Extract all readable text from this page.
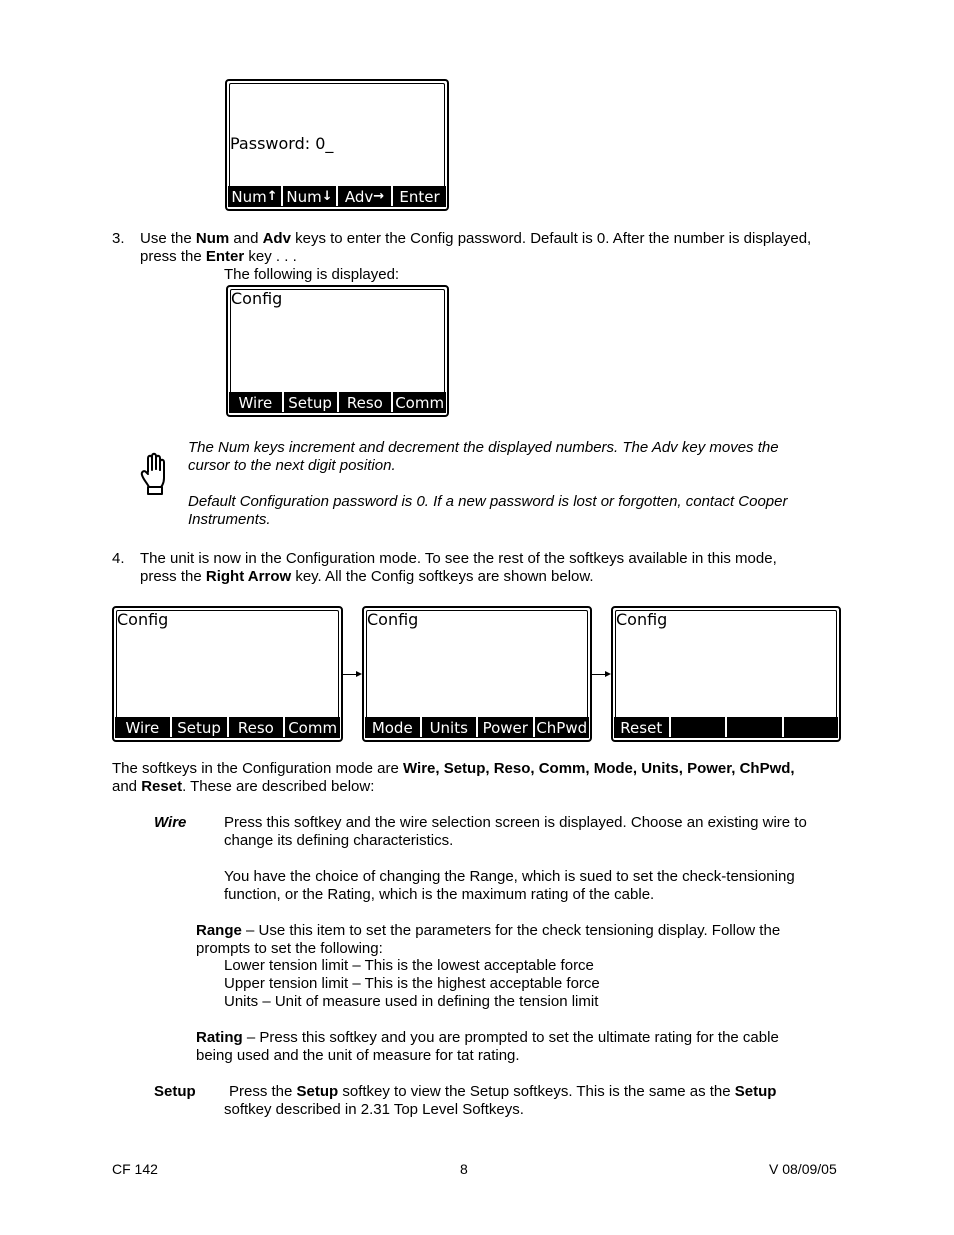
Password: 0_
Num ↑ Num ↓ Adv → Enter
3. Use the Num and Adv keys to enter the Config password. Default is 0. After the number is displayed,
press the Enter key . . .
The following is displayed:
Config
Wire	Setup Reso Comm
The Num keys increment and decrement the displayed numbers. The Adv key moves the
cursor to the next digit position.
Default Configuration password is 0. If a new password is lost or forgotten, contact Cooper
Instruments.
4. The unit is now in the Configuration mode. To see the rest of the softkeys available in this mode,
press the Right Arrow key. All the Config softkeys are shown below.
Config
Wire	Setup	Reso Comm
Config
Mode	Units Power ChPwd
Config
Reset
The softkeys in the Configuration mode are Wire, Setup, Reso, Comm, Mode, Units, Power, ChPwd,
and Reset. These are described below:
Wire	Press this softkey and the wire selection screen is displayed. Choose an existing wire to
change its defining characteristics.
You have the choice of changing the Range, which is sued to set the check-tensioning
function, or the Rating, which is the maximum rating of the cable.
Range – Use this item to set the parameters for the check tensioning display. Follow the
prompts to set the following:
Lower tension limit – This is the lowest acceptable force
Upper tension limit – This is the highest acceptable force
Units – Unit of measure used in defining the tension limit
Rating – Press this softkey and you are prompted to set the ultimate rating for the cable
being used and the unit of measure for tat rating.
Setup Press the Setup softkey to view the Setup softkeys. This is the same as the Setup
softkey described in 2.31 Top Level Softkeys.
CF 142	8	V 08/09/05
